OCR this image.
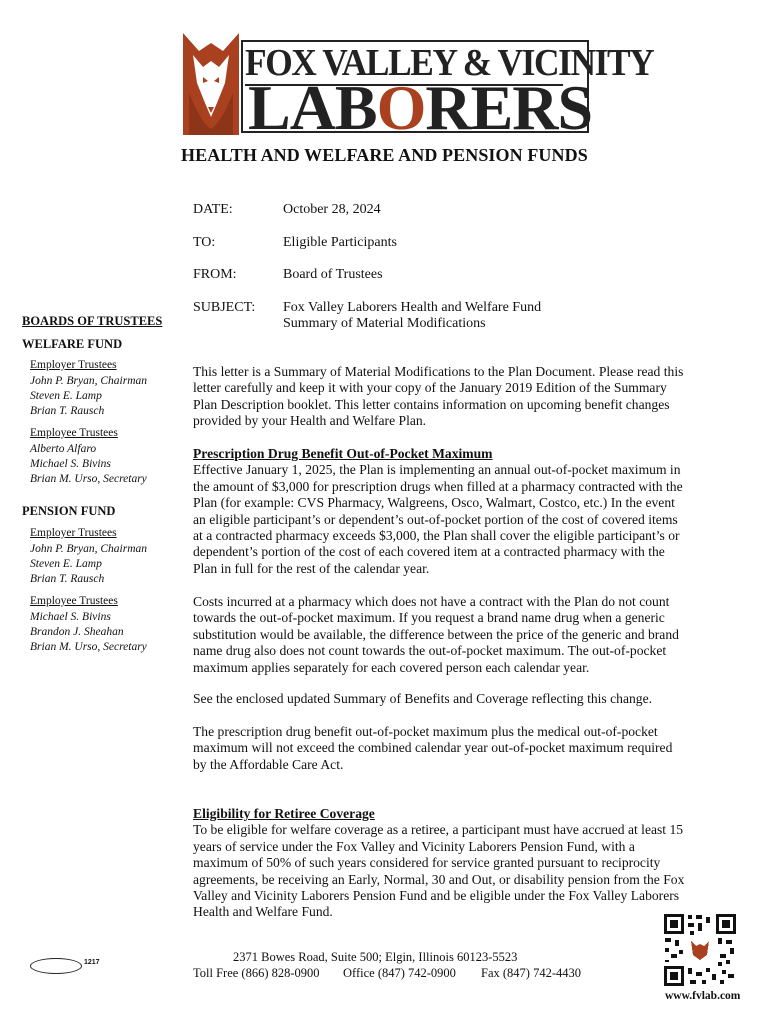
FOX VALLEY & VICINITY
LABORERS
HEALTH AND WELFARE AND PENSION FUNDS
DATE:	October 28, 2024
TO:	Eligible Participants
FROM:	Board of Trustees
SUBJECT: Fox Valley Laborers Health and Welfare Fund
Summary of Material Modifications
BOARDS OF TRUSTEES
WELFARE FUND
Employer Trustees
John P. Bryan, Chairman
Steven E. Lamp
Brian T. Rausch
Employee Trustees
Alberto Alfaro
Michael S. Bivins
Brian M. Urso, Secretary
PENSION FUND
Employer Trustees
John P. Bryan, Chairman
Steven E. Lamp
Brian T. Rausch
Employee Trustees
Michael S. Bivins
Brandon J. Sheahan
Brian M. Urso, Secretary

This letter is a Summary of Material Modifications to the Plan Document. Please read this letter carefully and keep it with your copy of the January 2019 Edition of the Summary Plan Description booklet. This letter contains information on upcoming benefit changes provided by your Health and Welfare Plan.

Prescription Drug Benefit Out-of-Pocket Maximum

Effective January 1, 2025, the Plan is implementing an annual out-of-pocket maximum in the amount of $3,000 for prescription drugs when filled at a pharmacy contracted with the Plan (for example: CVS Pharmacy, Walgreens, Osco, Walmart, Costco, etc.) In the event an eligible participant’s or dependent’s out-of-pocket portion of the cost of covered items at a contracted pharmacy exceeds $3,000, the Plan shall cover the eligible participant’s or dependent’s portion of the cost of each covered item at a contracted pharmacy with the Plan in full for the rest of the calendar year.

Costs incurred at a pharmacy which does not have a contract with the Plan do not count towards the out-of-pocket maximum. If you request a brand name drug when a generic substitution would be available, the difference between the price of the generic and brand name drug also does not count towards the out-of-pocket maximum. The out-of-pocket maximum applies separately for each covered person each calendar year.

See the enclosed updated Summary of Benefits and Coverage reflecting this change.

The prescription drug benefit out-of-pocket maximum plus the medical out-of-pocket maximum will not exceed the combined calendar year out-of-pocket maximum required by the Affordable Care Act.

Eligibility for Retiree Coverage

To be eligible for welfare coverage as a retiree, a participant must have accrued at least 15 years of service under the Fox Valley and Vicinity Laborers Pension Fund, with a maximum of 50% of such years considered for service granted pursuant to reciprocity agreements, be receiving an Early, Normal, 30 and Out, or disability pension from the Fox Valley and Vicinity Laborers Pension Fund and be eligible under the Fox Valley Laborers Health and Welfare Fund.

2371 Bowes Road, Suite 500; Elgin, Illinois 60123-5523
Toll Free (866) 828-0900 Office (847) 742-0900 Fax (847) 742-4430
1217
www.fvlab.com
